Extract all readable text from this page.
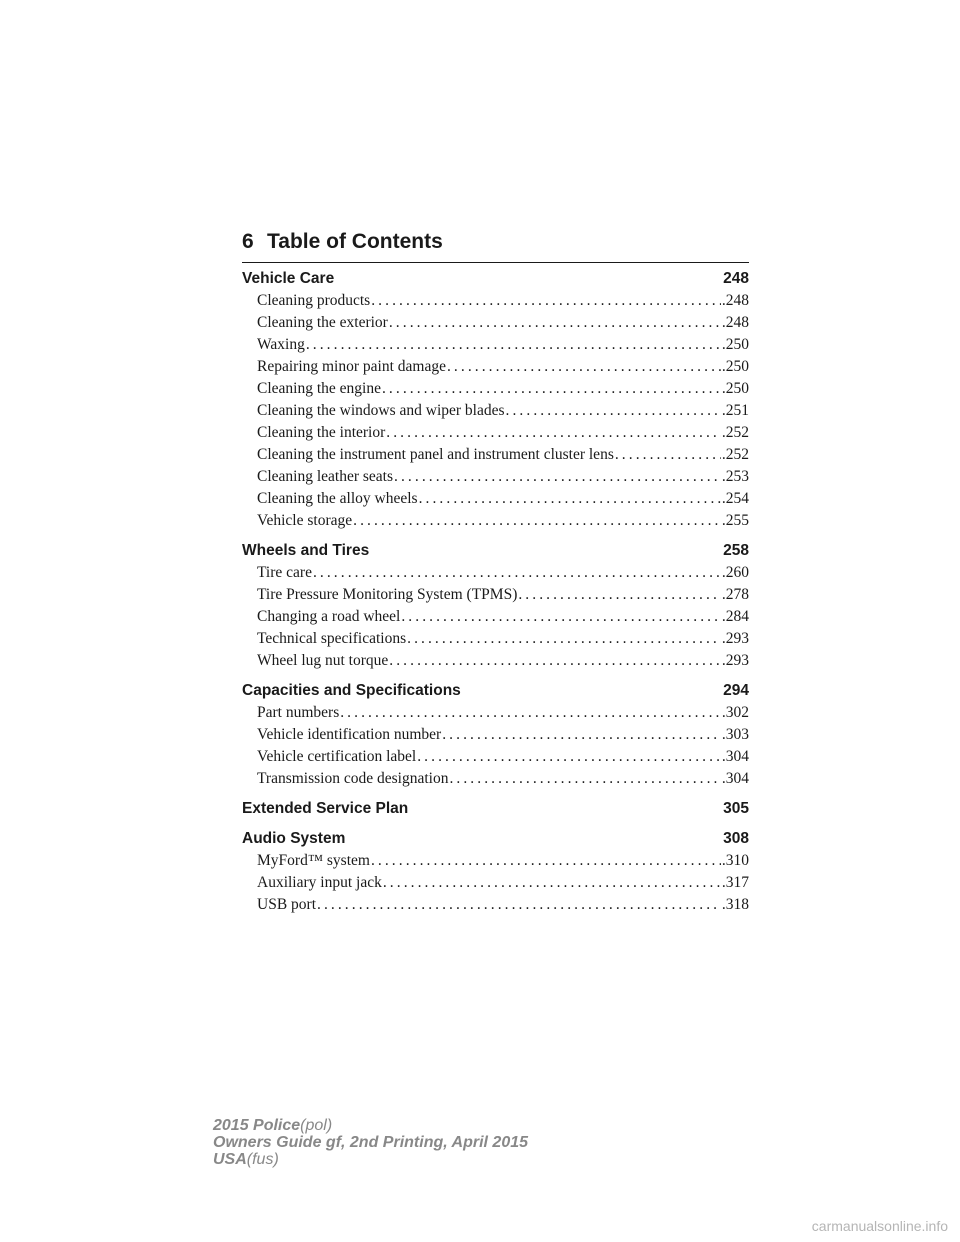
6 Table of Contents
Vehicle Care	248
Cleaning products . . .	.248
Cleaning the exterior . . .	.248
Waxing . . .	.250
Repairing minor paint damage . . .	.250
Cleaning the engine . . .	.250
Cleaning the windows and wiper blades . . .	.251
Cleaning the interior . . .	.252
Cleaning the instrument panel and instrument cluster lens . . .	.252
Cleaning leather seats . . .	.253
Cleaning the alloy wheels . . .	.254
Vehicle storage . . .	.255
Wheels and Tires	258
Tire care . . .	.260
Tire Pressure Monitoring System (TPMS) . . .	.278
Changing a road wheel . . .	.284
Technical specifications . . .	.293
Wheel lug nut torque . . .	.293
Capacities and Specifications	294
Part numbers . . .	.302
Vehicle identification number . . .	.303
Vehicle certification label . . .	.304
Transmission code designation . . .	.304
Extended Service Plan	305
Audio System	308
MyFord™ system . . .	.310
Auxiliary input jack . . .	.317
USB port . . .	.318
2015 Police(pol)
Owners Guide gf, 2nd Printing, April 2015
USA(fus)
carmanualsonline.info
